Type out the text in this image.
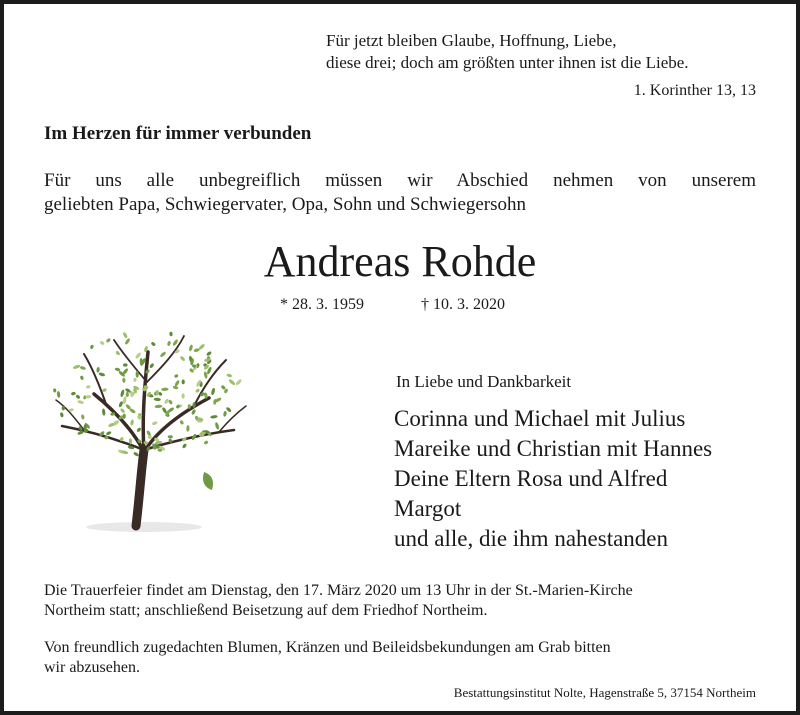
Für jetzt bleiben Glaube, Hoffnung, Liebe,
diese drei; doch am größten unter ihnen ist die Liebe.
1. Korinther 13, 13
Im Herzen für immer verbunden
Für uns alle unbegreiflich müssen wir Abschied nehmen von unserem
geliebten Papa, Schwiegervater, Opa, Sohn und Schwiegersohn
Andreas Rohde
* 28. 3. 1959	† 10. 3. 2020
In Liebe und Dankbarkeit
Corinna und Michael mit Julius
Mareike und Christian mit Hannes
Deine Eltern Rosa und Alfred
Margot
und alle, die ihm nahestanden
Die Trauerfeier findet am Dienstag, den 17. März 2020 um 13 Uhr in der St.-Marien-Kirche
Northeim statt; anschließend Beisetzung auf dem Friedhof Northeim.
Von freundlich zugedachten Blumen, Kränzen und Beileidsbekundungen am Grab bitten
wir abzusehen.
Bestattungsinstitut Nolte, Hagenstraße 5, 37154 Northeim
